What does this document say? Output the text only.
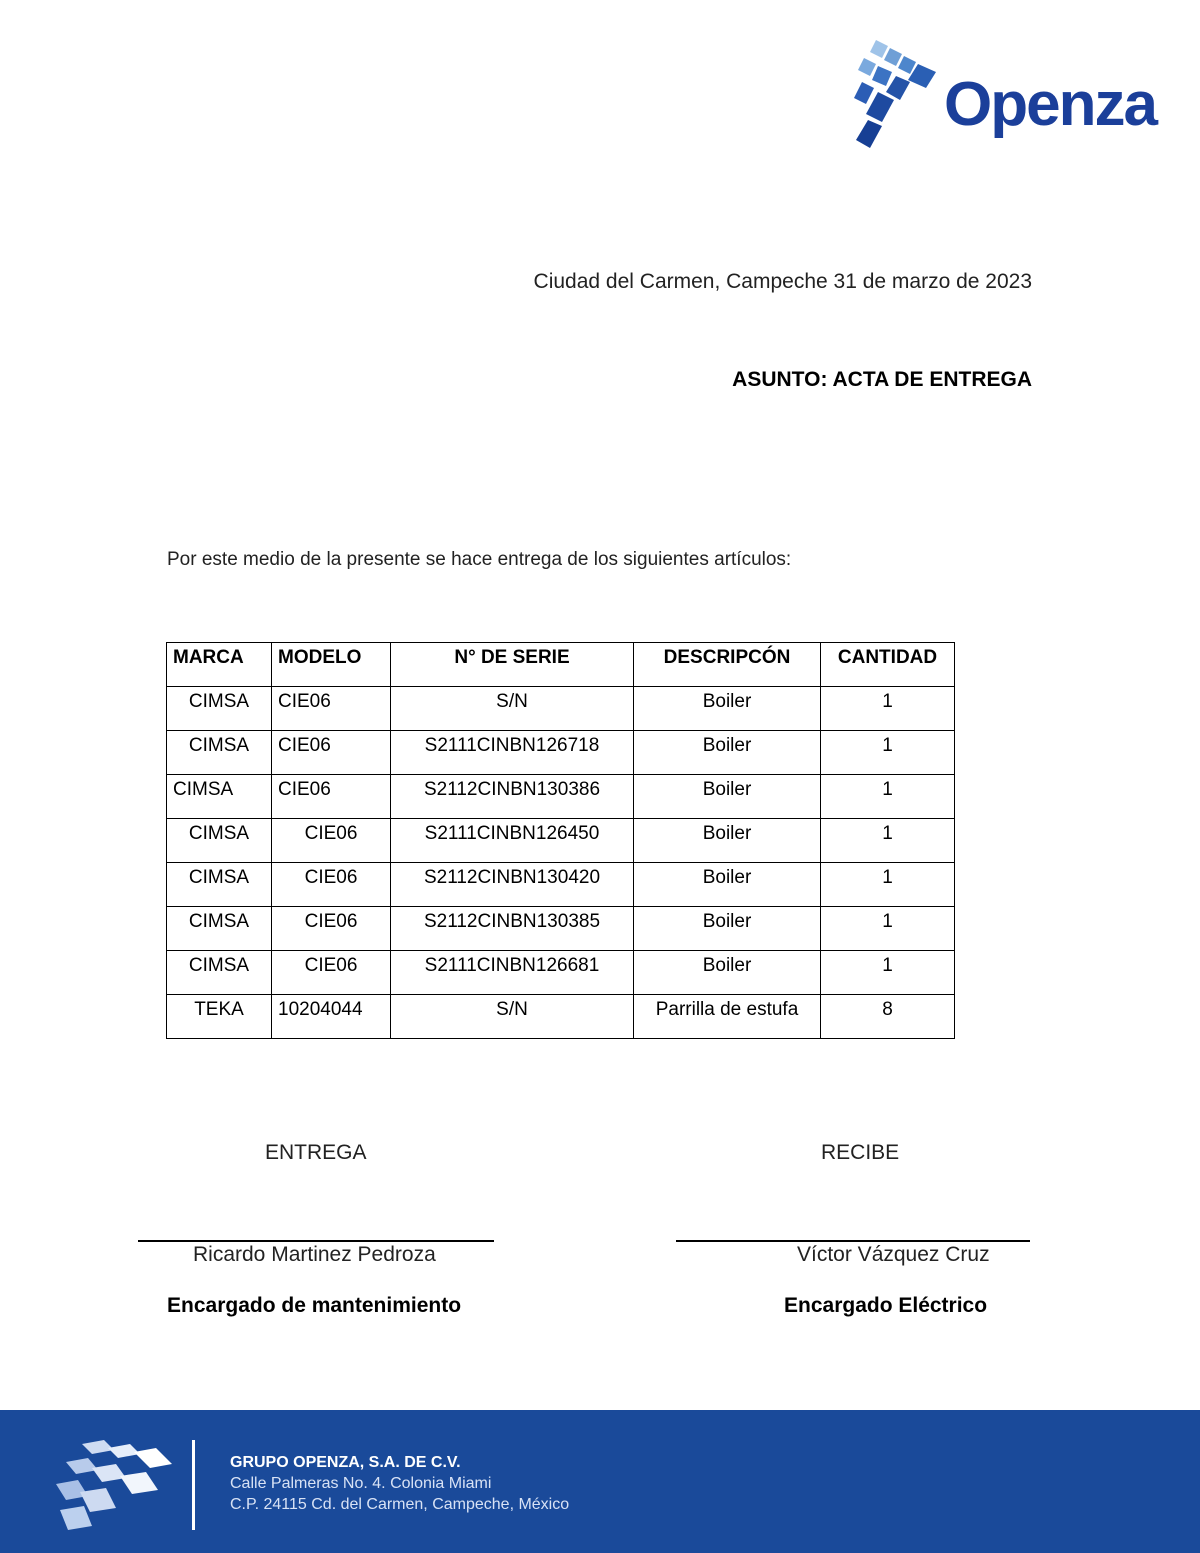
Openza
Ciudad del Carmen, Campeche 31 de marzo de 2023
ASUNTO: ACTA DE ENTREGA
Por este medio de la presente se hace entrega de los siguientes artículos:
MARCA	MODELO	N° DE SERIE	DESCRIPCÓN	CANTIDAD
CIMSA	CIE06	S/N	Boiler	1
CIMSA	CIE06	S2111CINBN126718	Boiler	1
CIMSA	CIE06	S2112CINBN130386	Boiler	1
CIMSA	CIE06	S2111CINBN126450	Boiler	1
CIMSA	CIE06	S2112CINBN130420	Boiler	1
CIMSA	CIE06	S2112CINBN130385	Boiler	1
CIMSA	CIE06	S2111CINBN126681	Boiler	1
TEKA	10204044	S/N	Parrilla de estufa	8
ENTREGA	RECIBE
Ricardo Martinez Pedroza	Víctor Vázquez Cruz
Encargado de mantenimiento	Encargado Eléctrico
GRUPO OPENZA, S.A. DE C.V.
Calle Palmeras No. 4. Colonia Miami
C.P. 24115 Cd. del Carmen, Campeche, México
